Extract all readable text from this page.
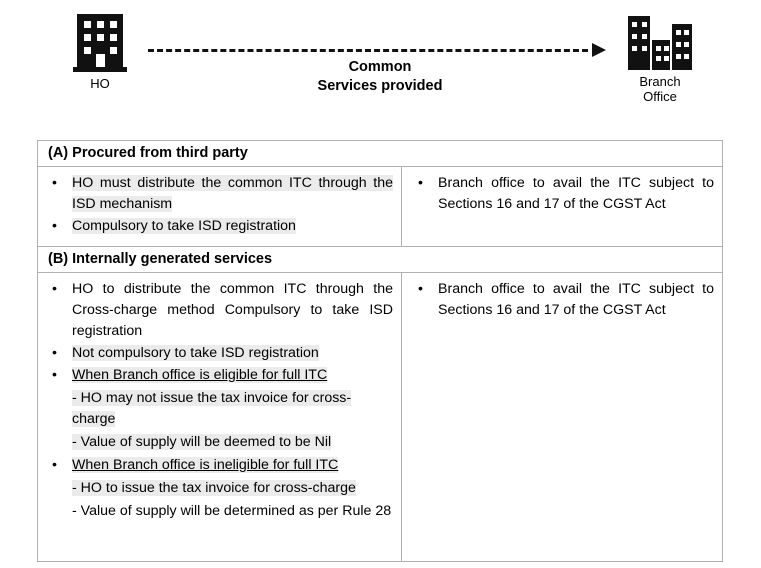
HO
Common
Services provided	Branch
Office
(A) Procured from third party
• HO must distribute the common ITC through the ISD mechanism
• Compulsory to take ISD registration
• Branch office to avail the ITC subject to Sections 16 and 17 of the CGST Act
(B) Internally generated services
• HO to distribute the common ITC through the Cross-charge method Compulsory to take ISD registration
• Not compulsory to take ISD registration
• When Branch office is eligible for full ITC
- HO may not issue the tax invoice for cross-charge
- Value of supply will be deemed to be Nil
• When Branch office is ineligible for full ITC
- HO to issue the tax invoice for cross-charge
- Value of supply will be determined as per Rule 28
• Branch office to avail the ITC subject to Sections 16 and 17 of the CGST Act
